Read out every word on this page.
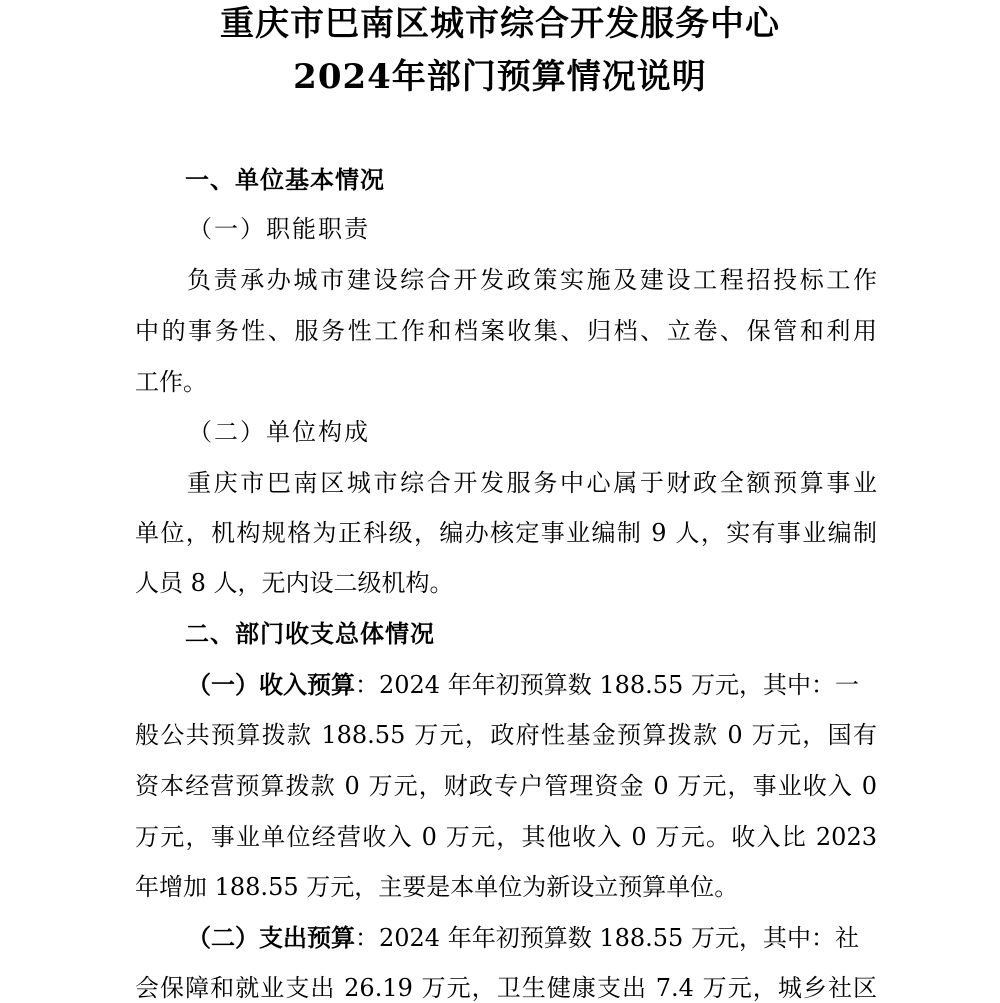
重庆市巴南区城市综合开发服务中心
2024年部门预算情况说明
一、单位基本情况
（一）职能职责
负责承办城市建设综合开发政策实施及建设工程招投标工作
中的事务性、服务性工作和档案收集、归档、立卷、保管和利用
工作。
（二）单位构成
重庆市巴南区城市综合开发服务中心属于财政全额预算事业
单位，机构规格为正科级，编办核定事业编制 9 人，实有事业编制
人员 8 人，无内设二级机构。
二、部门收支总体情况
（一）收入预算：2024 年年初预算数 188.55 万元，其中：一
般公共预算拨款 188.55 万元，政府性基金预算拨款 0 万元，国有
资本经营预算拨款 0 万元，财政专户管理资金 0 万元，事业收入 0
万元，事业单位经营收入 0 万元，其他收入 0 万元。收入比 2023
年增加 188.55 万元，主要是本单位为新设立预算单位。
（二）支出预算：2024 年年初预算数 188.55 万元，其中：社
会保障和就业支出 26.19 万元，卫生健康支出 7.4 万元，城乡社区
